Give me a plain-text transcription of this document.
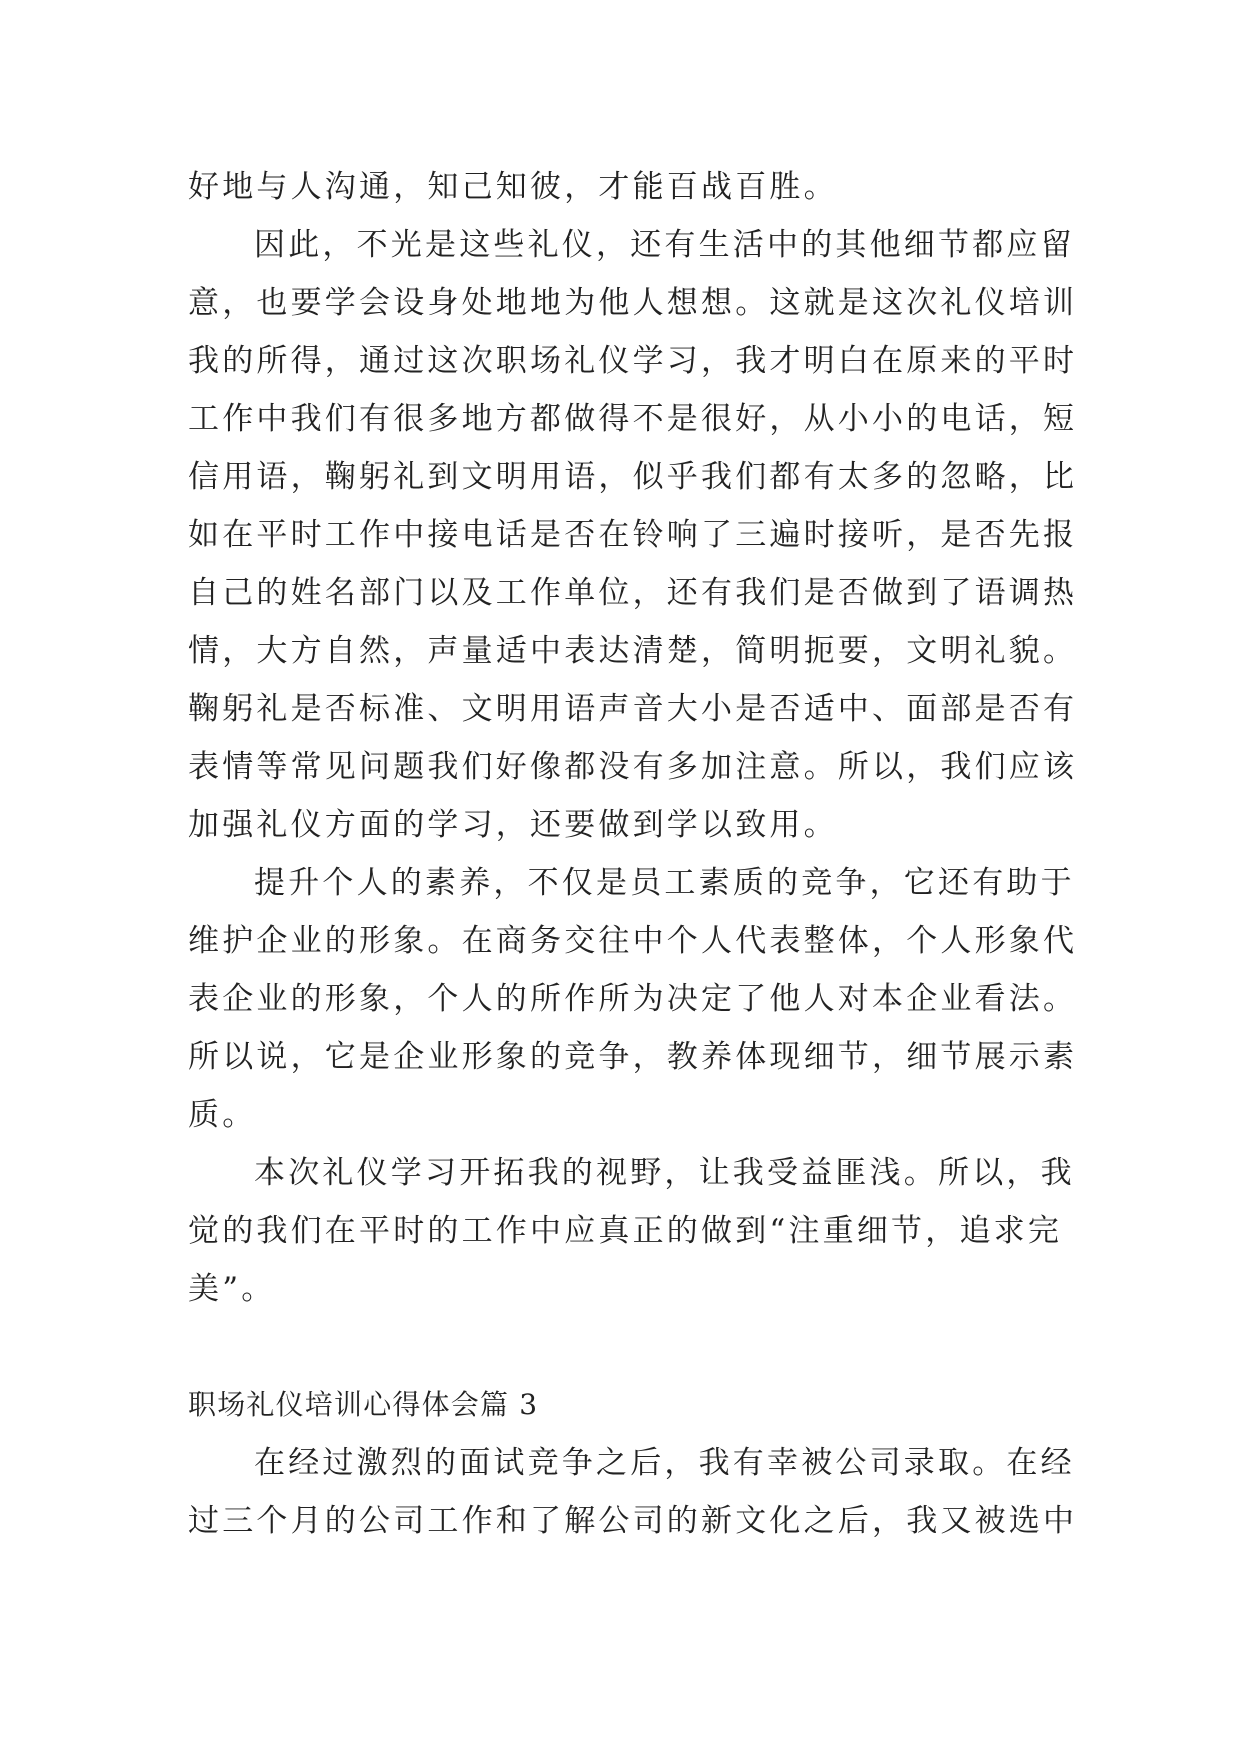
好地与人沟通，知己知彼，才能百战百胜。
因此，不光是这些礼仪，还有生活中的其他细节都应留
意，也要学会设身处地地为他人想想。这就是这次礼仪培训
我的所得，通过这次职场礼仪学习，我才明白在原来的平时
工作中我们有很多地方都做得不是很好，从小小的电话，短
信用语，鞠躬礼到文明用语，似乎我们都有太多的忽略，比
如在平时工作中接电话是否在铃响了三遍时接听，是否先报
自己的姓名部门以及工作单位，还有我们是否做到了语调热
情，大方自然，声量适中表达清楚，简明扼要，文明礼貌。
鞠躬礼是否标准、文明用语声音大小是否适中、面部是否有
表情等常见问题我们好像都没有多加注意。所以，我们应该
加强礼仪方面的学习，还要做到学以致用。
提升个人的素养，不仅是员工素质的竞争，它还有助于
维护企业的形象。在商务交往中个人代表整体，个人形象代
表企业的形象，个人的所作所为决定了他人对本企业看法。
所以说，它是企业形象的竞争，教养体现细节，细节展示素
质。
本次礼仪学习开拓我的视野，让我受益匪浅。所以，我
觉的我们在平时的工作中应真正的做到“注重细节，追求完
美”。
职场礼仪培训心得体会篇 3
在经过激烈的面试竞争之后，我有幸被公司录取。在经
过三个月的公司工作和了解公司的新文化之后，我又被选中
